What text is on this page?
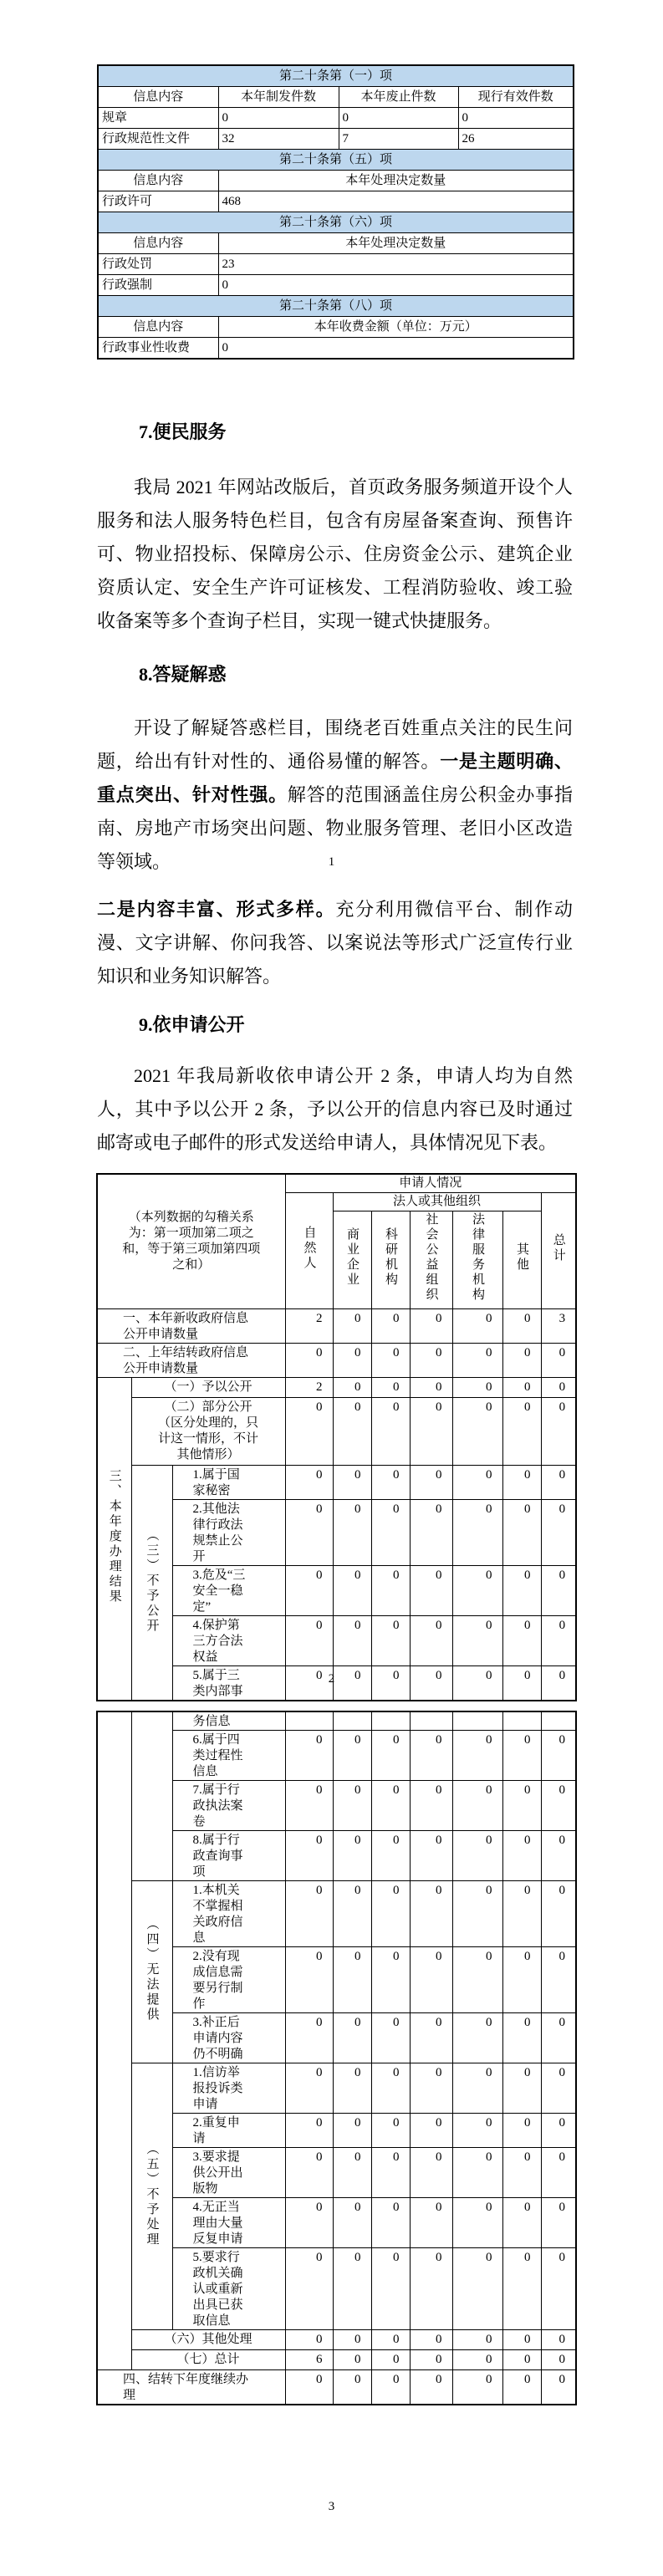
第二十条第（一）项			
信息内容	本年制发件数	本年废止件数	现行有效件数
规章	0	0	0
行政规范性文件	32	7	26
第二十条第（五）项			
信息内容	本年处理决定数量		
行政许可	468		
第二十条第（六）项			
信息内容	本年处理决定数量		
行政处罚	23		
行政强制	0		
第二十条第（八）项			
信息内容	本年收费金额（单位：万元）		
行政事业性收费	0		
7.便民服务
我局 2021 年网站改版后，首页政务服务频道开设个人服务和法人服务特色栏目，包含有房屋备案查询、预售许可、物业招投标、保障房公示、住房资金公示、建筑企业资质认定、安全生产许可证核发、工程消防验收、竣工验收备案等多个查询子栏目，实现一键式快捷服务。
8.答疑解惑
开设了解疑答惑栏目，围绕老百姓重点关注的民生问题，给出有针对性的、通俗易懂的解答。一是主题明确、重点突出、针对性强。解答的范围涵盖住房公积金办事指南、房地产市场突出问题、物业服务管理、老旧小区改造等领域。	1
二是内容丰富、形式多样。充分利用微信平台、制作动漫、文字讲解、你问我答、以案说法等形式广泛宣传行业知识和业务知识解答。
9.依申请公开
2021 年我局新收依申请公开 2 条，申请人均为自然人，其中予以公开 2 条，予以公开的信息内容已及时通过邮寄或电子邮件的形式发送给申请人，具体情况见下表。
（本列数据的勾稽关系为：第一项加第二项之和，等于第三项加第四项之和）			申请人情况						
			自然人	法人或其他组织					总计
				商业企业	科研机构	社会公益组织	法律服务机构	其他	
一、本年新收政府信息公开申请数量			2	0	0	0	0	0	3
二、上年结转政府信息公开申请数量			0	0	0	0	0	0	0
三、本年度办理结果	（一）予以公开		2	0	0	0	0	0	0
	（二）部分公开（区分处理的，只计这一情形，不计其他情形）		0	0	0	0	0	0	0
	（三）不予公开	1.属于国家秘密	0	0	0	0	0	0	0
		2.其他法律行政法规禁止公开	0	0	0	0	0	0	0
		3.危及“三安全一稳定”	0	0	0	0	0	0	0
		4.保护第三方合法权益	0	0	0	0	0	0	0
		5.属于三类内部事	0	0	0	0	0	0	0
2
		务信息							
		6.属于四类过程性信息	0	0	0	0	0	0	0
		7.属于行政执法案卷	0	0	0	0	0	0	0
		8.属于行政查询事项	0	0	0	0	0	0	0
	（四）无法提供	1.本机关不掌握相关政府信息	0	0	0	0	0	0	0
		2.没有现成信息需要另行制作	0	0	0	0	0	0	0
		3.补正后申请内容仍不明确	0	0	0	0	0	0	0
	（五）不予处理	1.信访举报投诉类申请	0	0	0	0	0	0	0
		2.重复申请	0	0	0	0	0	0	0
		3.要求提供公开出版物	0	0	0	0	0	0	0
		4.无正当理由大量反复申请	0	0	0	0	0	0	0
		5.要求行政机关确认或重新出具已获取信息	0	0	0	0	0	0	0
	（六）其他处理		0	0	0	0	0	0	0
	（七）总计		6	0	0	0	0	0	0
四、结转下年度继续办理			0	0	0	0	0	0	0
3
